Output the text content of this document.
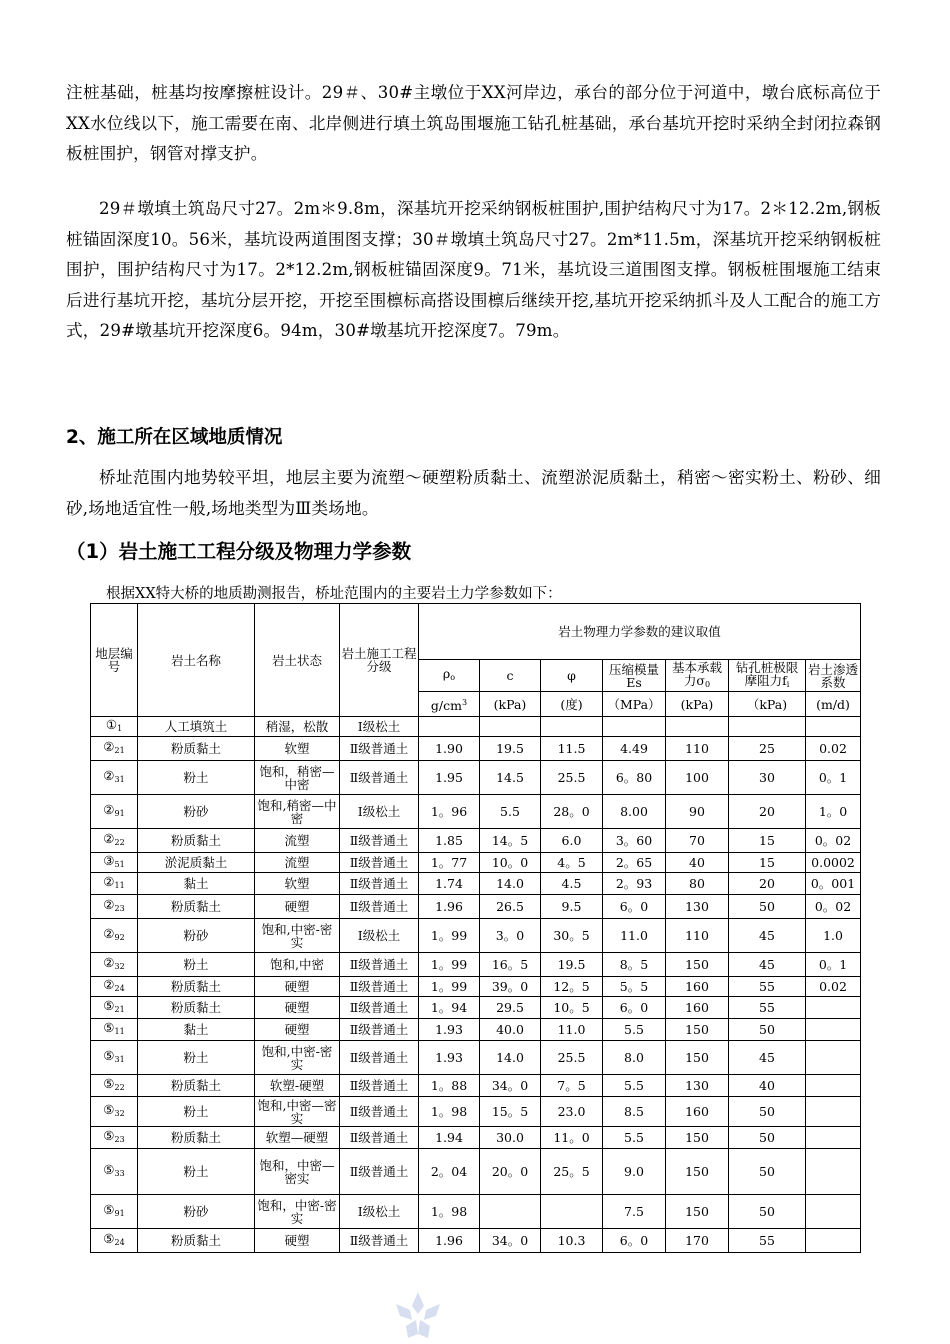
注桩基础，桩基均按摩擦桩设计。29＃、30#主墩位于XX河岸边，承台的部分位于河道中，墩台底标高位于XX水位线以下，施工需要在南、北岸侧进行填土筑岛围堰施工钻孔桩基础，承台基坑开挖时采纳全封闭拉森钢板桩围护，钢管对撑支护。

29＃墩填土筑岛尺寸27。2m＊9.8m，深基坑开挖采纳钢板桩围护,围护结构尺寸为17。2＊12.2m,钢板桩锚固深度10。56米，基坑设两道围图支撑；30＃墩填土筑岛尺寸27。2m*11.5m，深基坑开挖采纳钢板桩围护，围护结构尺寸为17。2*12.2m,钢板桩锚固深度9。71米，基坑设三道围图支撑。钢板桩围堰施工结束后进行基坑开挖，基坑分层开挖，开挖至围檩标高搭设围檩后继续开挖,基坑开挖采纳抓斗及人工配合的施工方式，29#墩基坑开挖深度6。94m，30#墩基坑开挖深度7。79m。

2、施工所在区域地质情况

桥址范围内地势较平坦，地层主要为流塑～硬塑粉质黏土、流塑淤泥质黏土，稍密～密实粉土、粉砂、细砂,场地适宜性一般,场地类型为Ⅲ类场地。

（1）岩土施工工程分级及物理力学参数

根据XX特大桥的地质勘测报告，桥址范围内的主要岩土力学参数如下：

地层编号	岩土名称	岩土状态	岩土施工工程分级	岩土物理力学参数的建议取值						
				$\rho_o$	c	φ	压缩模量Es	基本承载力$\sigma_0$	钻孔桩极限摩阻力$f_i$	岩土渗透系数
				$g/cm^3$	(kPa)	(度)	（MPa）	(kPa)	（kPa)	(m/d)
$①_1$	人工填筑土	稍湿，松散	Ⅰ级松土							
$②_{21}$	粉质黏土	软塑	Ⅱ级普通土	1.90	19.5	11.5	4.49	110	25	0.02
$②_{31}$	粉土	饱和，稍密—中密	Ⅱ级普通土	1.95	14.5	25.5	6。80	100	30	0。1
$②_{91}$	粉砂	饱和,稍密—中密	Ⅰ级松土	1。96	5.5	28。0	8.00	90	20	1。0
$②_{22}$	粉质黏土	流塑	Ⅱ级普通土	1.85	14。5	6.0	3。60	70	15	0。02
$③_{51}$	淤泥质黏土	流塑	Ⅱ级普通土	1。77	10。0	4。5	2。65	40	15	0.0002
$②_{11}$	黏土	软塑	Ⅱ级普通土	1.74	14.0	4.5	2。93	80	20	0。001
$②_{23}$	粉质黏土	硬塑	Ⅱ级普通土	1.96	26.5	9.5	6。0	130	50	0。02
$②_{92}$	粉砂	饱和,中密-密实	Ⅰ级松土	1。99	3。0	30。5	11.0	110	45	1.0
$②_{32}$	粉土	饱和,中密	Ⅱ级普通土	1。99	16。5	19.5	8。5	150	45	0。1
$②_{24}$	粉质黏土	硬塑	Ⅱ级普通土	1。99	39。0	12。5	5。5	160	55	0.02
$⑤_{21}$	粉质黏土	硬塑	Ⅱ级普通土	1。94	29.5	10。5	6。0	160	55	
$⑤_{11}$	黏土	硬塑	Ⅱ级普通土	1.93	40.0	11.0	5.5	150	50	
$⑤_{31}$	粉土	饱和,中密-密实	Ⅱ级普通土	1.93	14.0	25.5	8.0	150	45	
$⑤_{22}$	粉质黏土	软塑-硬塑	Ⅱ级普通土	1。88	34。0	7。5	5.5	130	40	
$⑤_{32}$	粉土	饱和,中密—密实	Ⅱ级普通土	1。98	15。5	23.0	8.5	160	50	
$⑤_{23}$	粉质黏土	软塑—硬塑	Ⅱ级普通土	1.94	30.0	11。0	5.5	150	50	
$⑤_{33}$	粉土	饱和，中密—密实	Ⅱ级普通土	2。04	20。0	25。5	9.0	150	50	
$⑤_{91}$	粉砂	饱和，中密-密实	Ⅰ级松土	1。98			7.5	150	50	
$⑤_{24}$	粉质黏土	硬塑	Ⅱ级普通土	1.96	34。0	10.3	6。0	170	55	
